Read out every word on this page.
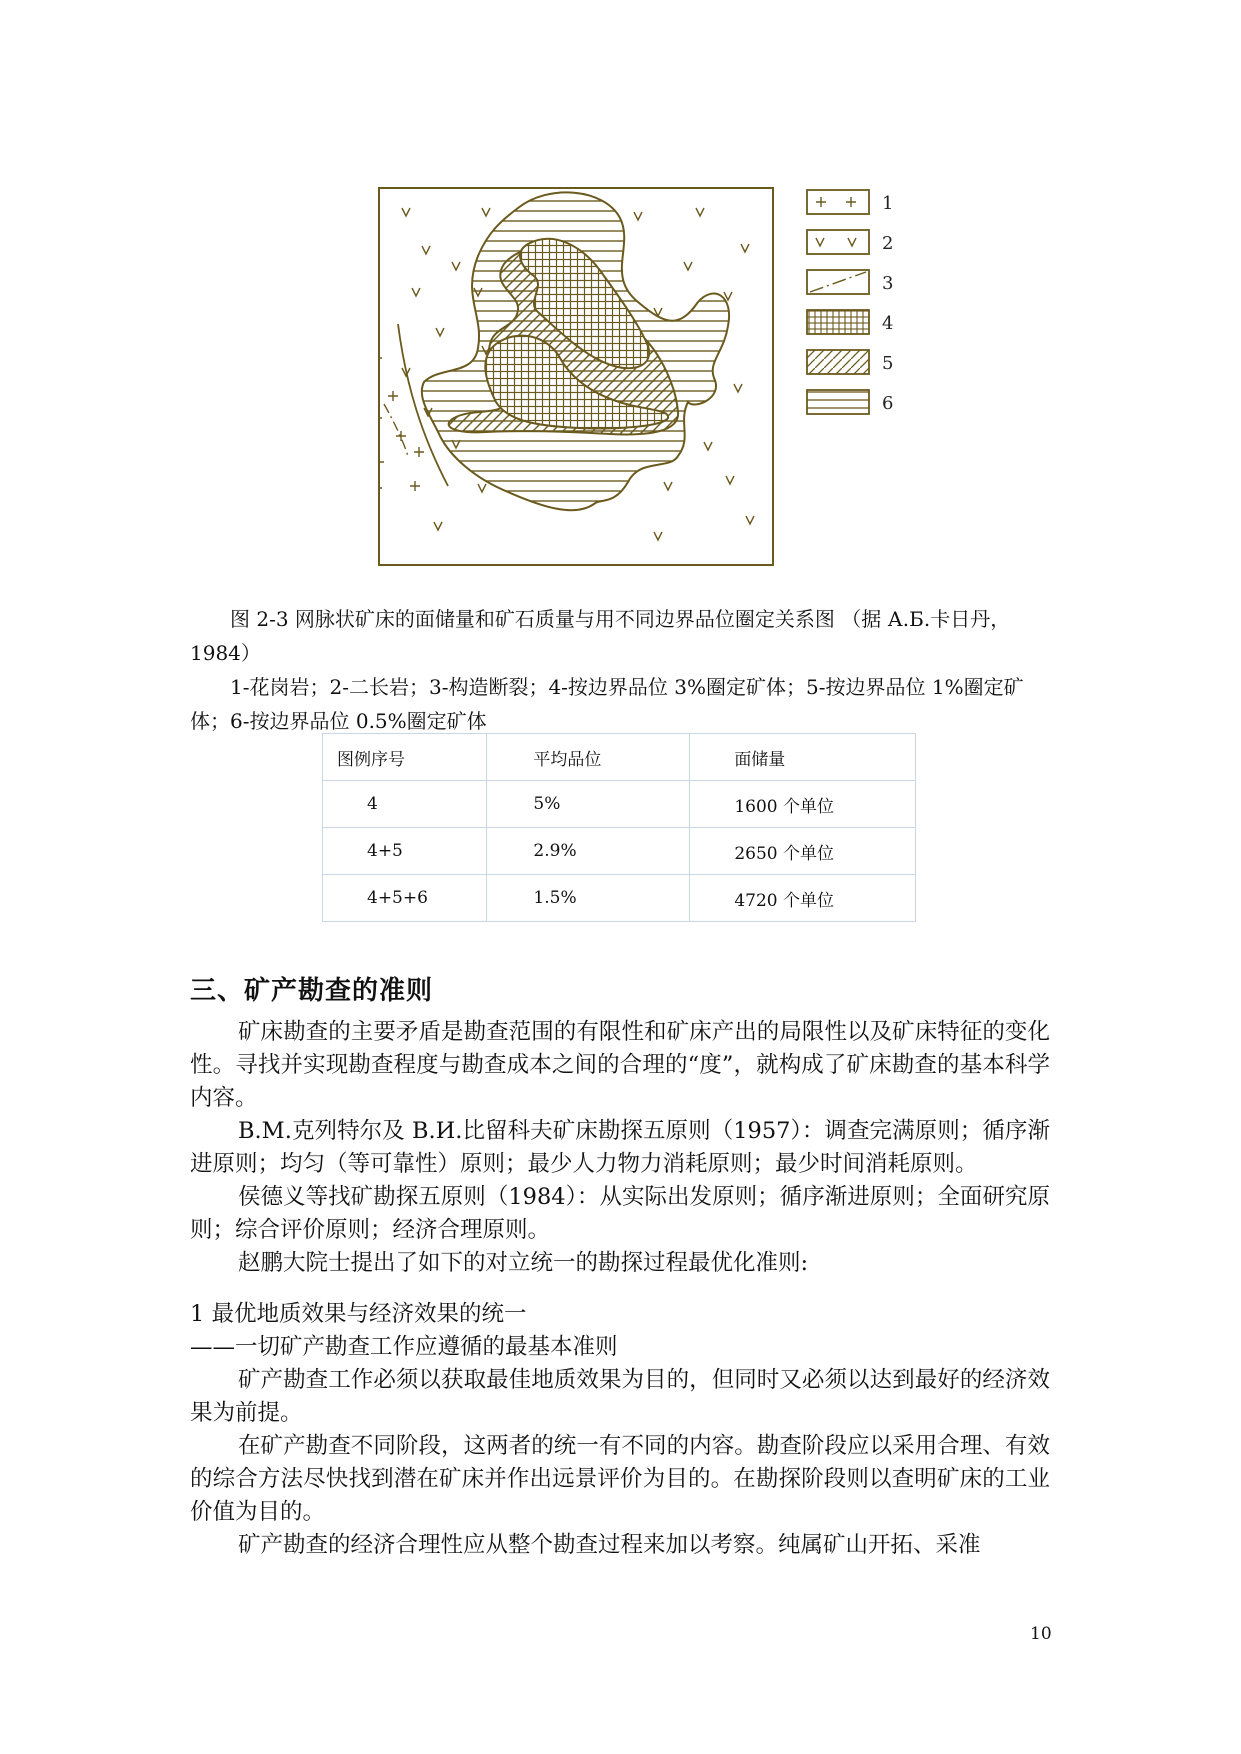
1
2
3
4
5
6

图 2-3 网脉状矿床的面储量和矿石质量与用不同边界品位圈定关系图 （据 А.Б.卡日丹，1984）

1-花岗岩；2-二长岩；3-构造断裂；4-按边界品位 3%圈定矿体；5-按边界品位 1%圈定矿体；6-按边界品位 0.5%圈定矿体

图例序号	平均品位	面储量

4	5%	1600 个单位

4+5	2.9%	2650 个单位

4+5+6	1.5%	4720 个单位
三、矿产勘查的准则

矿床勘查的主要矛盾是勘查范围的有限性和矿床产出的局限性以及矿床特征的变化性。寻找并实现勘查程度与勘查成本之间的合理的“度”，就构成了矿床勘查的基本科学内容。

В.М.克列特尔及 В.И.比留科夫矿床勘探五原则（1957）：调查完满原则；循序渐进原则；均匀（等可靠性）原则；最少人力物力消耗原则；最少时间消耗原则。

侯德义等找矿勘探五原则（1984）：从实际出发原则；循序渐进原则；全面研究原则；综合评价原则；经济合理原则。

赵鹏大院士提出了如下的对立统一的勘探过程最优化准则:

1 最优地质效果与经济效果的统一

——一切矿产勘查工作应遵循的最基本准则

矿产勘查工作必须以获取最佳地质效果为目的，但同时又必须以达到最好的经济效果为前提。

在矿产勘查不同阶段，这两者的统一有不同的内容。勘查阶段应以采用合理、有效的综合方法尽快找到潜在矿床并作出远景评价为目的。在勘探阶段则以查明矿床的工业价值为目的。

矿产勘查的经济合理性应从整个勘查过程来加以考察。纯属矿山开拓、采准

10
